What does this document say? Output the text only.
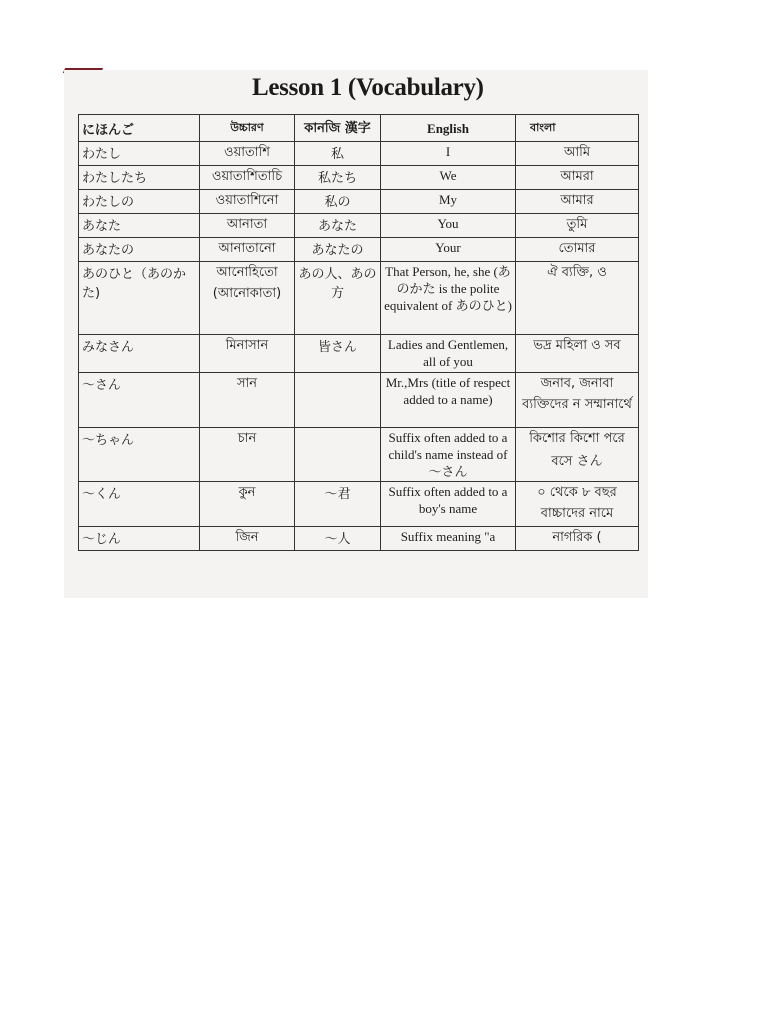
Lesson 1 (Vocabulary)
にほんご	উচ্চারণ	কানজি 漢字	English	বাংলা
わたし	ওয়াতাশি	私	I	আমি
わたしたち	ওয়াতাশিতাচি	私たち	We	আমরা
わたしの	ওয়াতাশিনো	私の	My	আমার
あなた	আনাতা	あなた	You	তুমি
あなたの	আনাতানো	あなたの	Your	তোমার
あのひと（あのかた)	আনোহিতো (আনোকাতা)	あの人、あの方	That Person, he, she (あのかた is the polite equivalent of あのひと)	ঐ ব্যক্তি, ও
みなさん	মিনাসান	皆さん	Ladies and Gentlemen, all of you	ভদ্র মহিলা ও সব
〜さん	সান		Mr.,Mrs (title of respect added to a name)	জনাব, জনাবা ব্যক্তিদের ন সম্মানার্থে
〜ちゃん	চান		Suffix often added to a child's name instead of 〜さん	কিশোর কিশো পরে বসে さん
〜くん	কুন	〜君	Suffix often added to a boy's name	০ থেকে ৮ বছর বাচ্চাদের নামে
〜じん	জিন	〜人	Suffix meaning "a	নাগরিক (
